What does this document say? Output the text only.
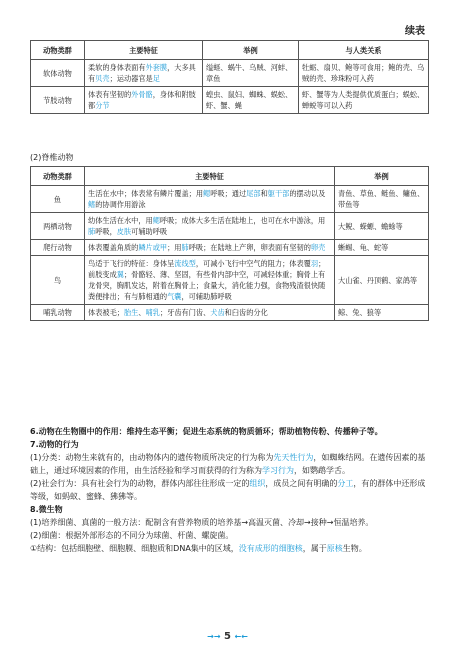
续表
动物类群	主要特征	举例	与人类关系
软体动物	柔软的身体表面有外套膜，大多具有贝壳；运动器官是足	缢蛏、蜗牛、乌贼、河蚌、章鱼	牡蛎、扇贝、鲍等可食用；鲍的壳、乌贼的壳、珍珠粉可入药
节肢动物	体表有坚韧的外骨骼，身体和附肢都分节	蝗虫、鼠妇、蜘蛛、蜈蚣、虾、蟹、蝇	虾、蟹等为人类提供优质蛋白；蜈蚣、蝉蜕等可以入药
(2)脊椎动物
动物类群	主要特征	举例
鱼	生活在水中；体表常有鳞片覆盖；用鳃呼吸；通过尾部和躯干部的摆动以及鳍的协调作用游泳	青鱼、草鱼、鲢鱼、鳙鱼、带鱼等
两栖动物	幼体生活在水中，用鳃呼吸；成体大多生活在陆地上，也可在水中游泳，用肺呼吸，皮肤可辅助呼吸	大鲵、蝾螈、蟾蜍等
爬行动物	体表覆盖角质的鳞片或甲；用肺呼吸；在陆地上产卵，卵表面有坚韧的卵壳	蜥蜴、龟、蛇等
鸟	鸟适于飞行的特征：身体呈流线型，可减小飞行中空气的阻力；体表覆羽；前肢变成翼；骨骼轻、薄、坚固，有些骨内部中空，可减轻体重；胸骨上有龙骨突，胸肌发达，附着在胸骨上；食量大，消化能力强，食物残渣很快随粪便排出；有与肺相通的气囊，可辅助肺呼吸	大山雀、丹顶鹤、家鸽等
哺乳动物	体表被毛；胎生、哺乳；牙齿有门齿、犬齿和臼齿的分化	鲸、兔、狼等

6.动物在生物圈中的作用：维持生态平衡；促进生态系统的物质循环；帮助植物传粉、传播种子等。

7.动物的行为

(1)分类：动物生来就有的，由动物体内的遗传物质所决定的行为称为先天性行为，如蜘蛛结网。在遗传因素的基础上，通过环境因素的作用，由生活经验和学习而获得的行为称为学习行为，如鹦鹉学舌。

(2)社会行为：具有社会行为的动物，群体内部往往形成一定的组织，成员之间有明确的分工，有的群体中还形成等级，如蚂蚁、蜜蜂、狒狒等。

8.微生物

(1)培养细菌、真菌的一般方法：配制含有营养物质的培养基→高温灭菌、冷却→接种→恒温培养。

(2)细菌：根据外部形态的不同分为球菌、杆菌、螺旋菌。

①结构：包括细胞壁、细胞膜、细胞质和DNA集中的区域，没有成形的细胞核，属于原核生物。

→→ 5 ←←
